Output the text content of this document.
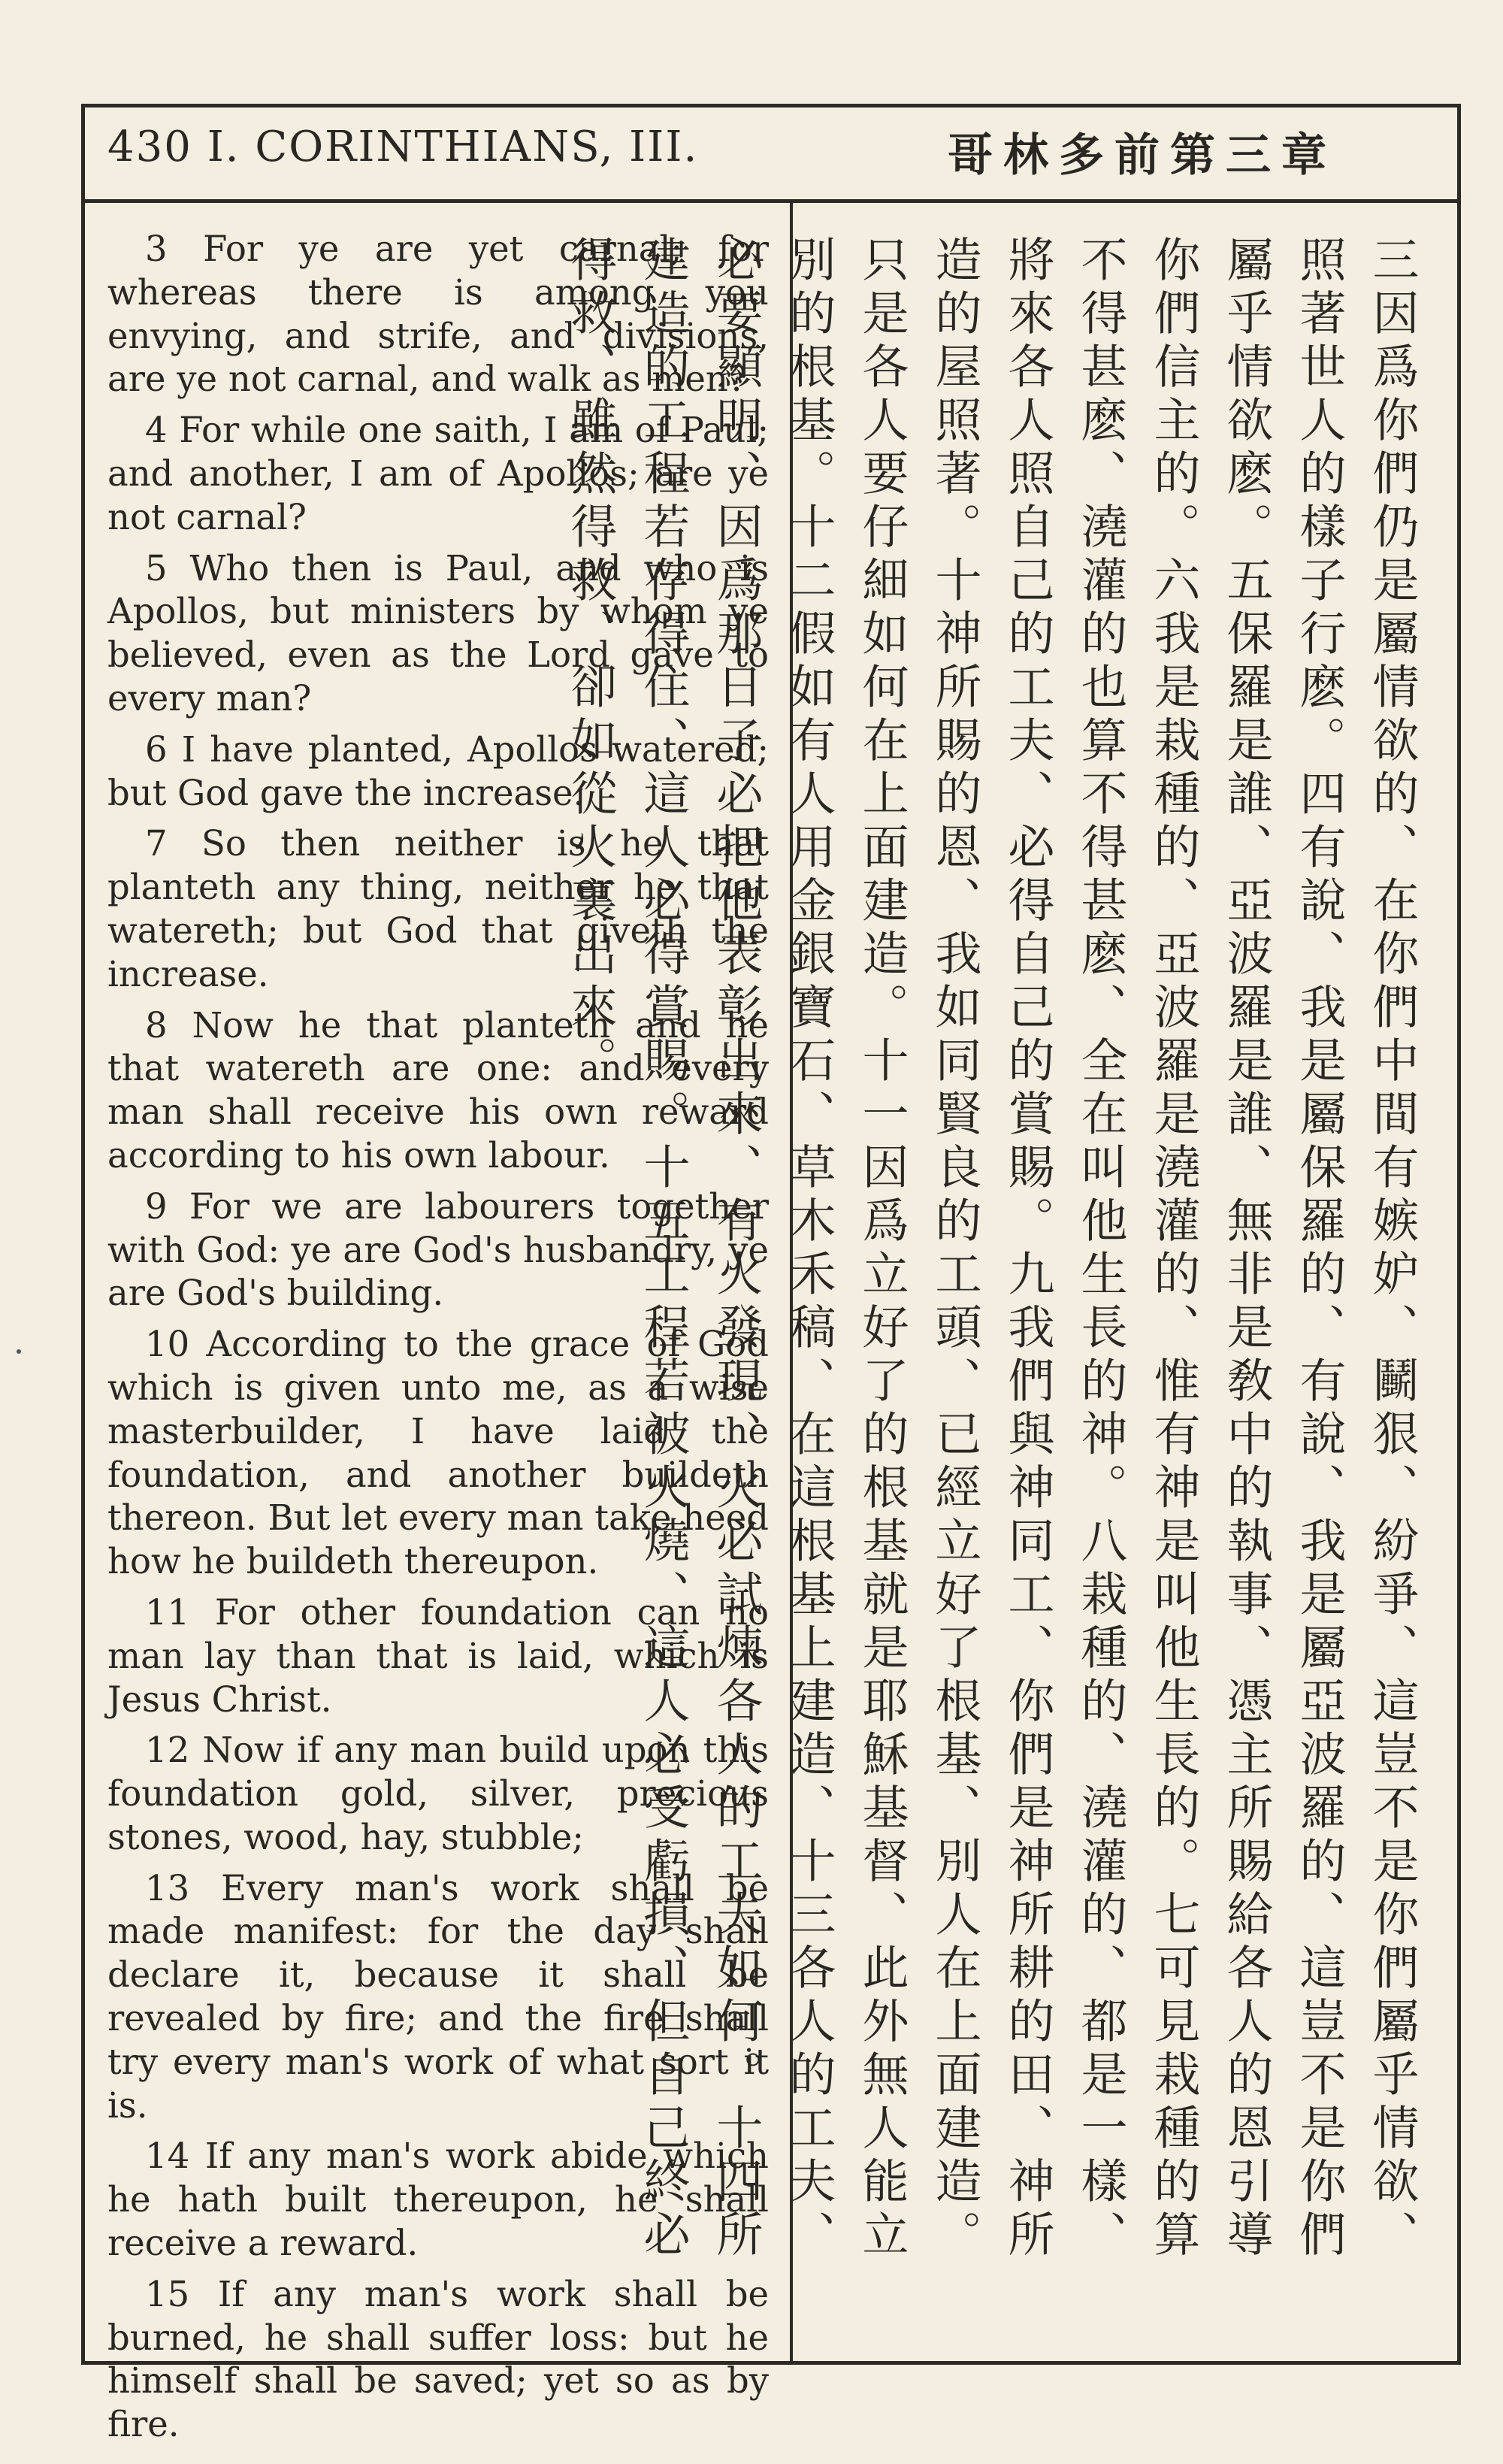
430 I. CORINTHIANS, III.	哥林多前第三章

3 For ye are yet carnal; for whereas there is among you envying, and strife, and divisions, are ye not carnal, and walk as men?

4 For while one saith, I am of Paul; and another, I am of Apollos; are ye not carnal?

5 Who then is Paul, and who is Apollos, but ministers by whom ye believed, even as the Lord gave to every man?

6 I have planted, Apollos watered; but God gave the increase.

7 So then neither is he that planteth any thing, neither he that watereth; but God that giveth the increase.

8 Now he that planteth and he that watereth are one: and every man shall receive his own reward according to his own labour.

9 For we are labourers together with God: ye are God's husbandry, ye are God's building.

10 According to the grace of God which is given unto me, as a wise masterbuilder, I have laid the foundation, and another buildeth thereon. But let every man take heed how he buildeth thereupon.

11 For other foundation can no man lay than that is laid, which is Jesus Christ.

12 Now if any man build upon this foundation gold, silver, precious stones, wood, hay, stubble;

13 Every man's work shall be made manifest: for the day shall declare it, because it shall be revealed by fire; and the fire shall try every man's work of what sort it is.

14 If any man's work abide which he hath built thereupon, he shall receive a reward.

15 If any man's work shall be burned, he shall suffer loss: but he himself shall be saved; yet so as by fire.

三因爲你們仍是屬情欲的、在你們中間有嫉妒、鬭狠、紛爭、這豈不是你們屬乎情欲、照著世人的樣子行麽。四有說、我是屬保羅的、有說、我是屬亞波羅的、這豈不是你們屬乎情欲麽。五保羅是誰、亞波羅是誰、無非是敎中的執事、憑主所賜給各人的恩引導你們信主的。六我是栽種的、亞波羅是澆灌的、惟有神是叫他生長的。七可見栽種的算不得甚麽、澆灌的也算不得甚麽、全在叫他生長的神。八栽種的、澆灌的、都是一樣、將來各人照自己的工夫、必得自己的賞賜。九我們與神同工、你們是神所耕的田、神所造的屋照著。十神所賜的恩、我如同賢良的工頭、已經立好了根基、別人在上面建造。只是各人要仔細如何在上面建造。十一因爲立好了的根基就是耶穌基督、此外無人能立別的根基。十二假如有人用金銀寶石、草木禾稿、在這根基上建造、十三各人的工夫、必要顯明、因爲那日子必把他表彰出來、有火發現、火必試煉各人的工夫如何。十四所建造的工程若存得住、這人必得賞賜。十五工程若被火燒、這人必受虧損、但自己終必得救、雖然得救、卻如從火裏出來。
